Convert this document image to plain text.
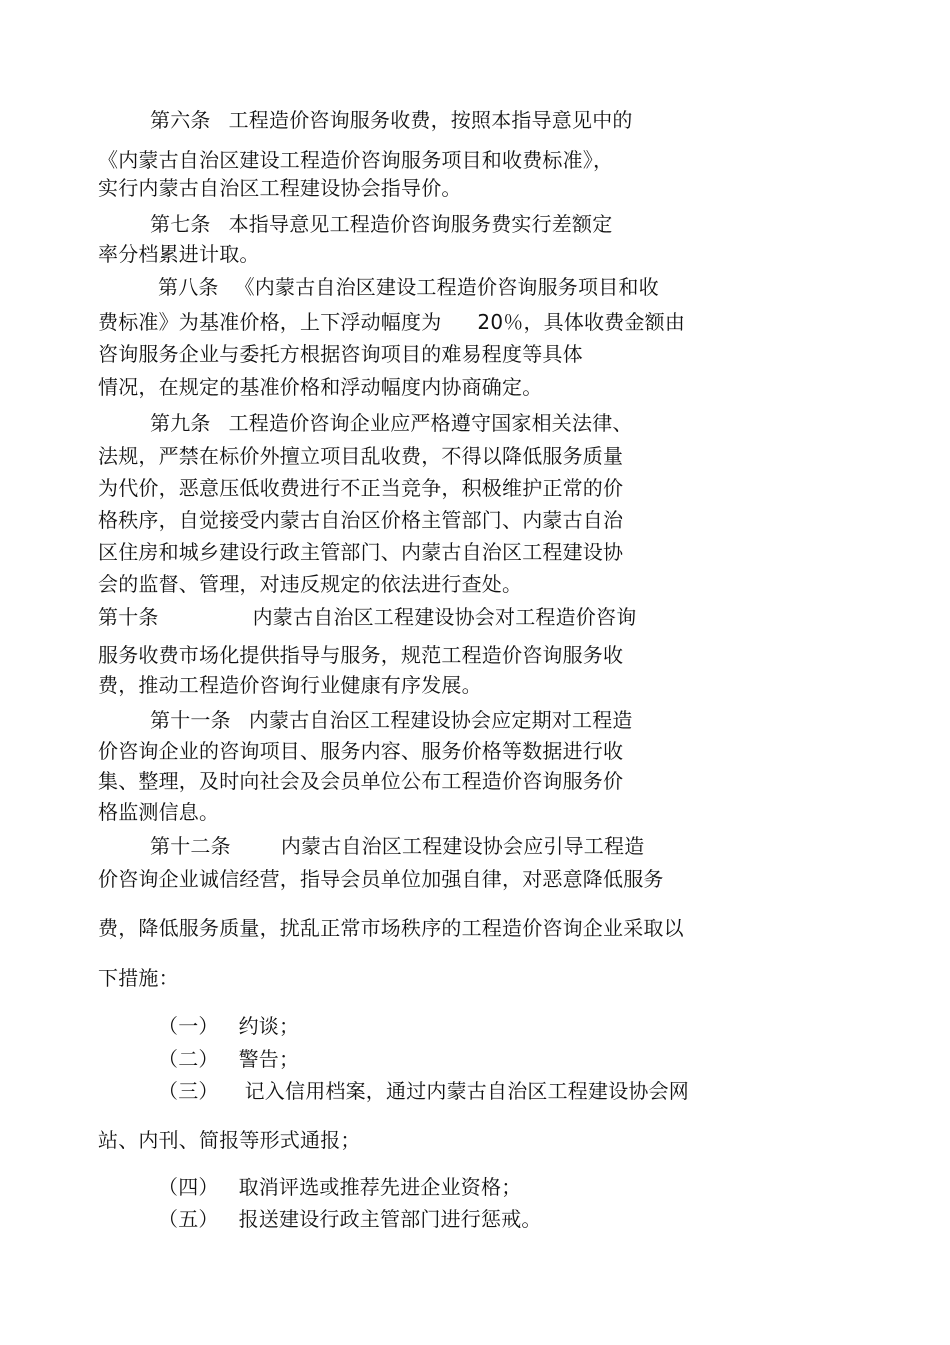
第六条 工程造价咨询服务收费，按照本指导意见中的
《内蒙古自治区建设工程造价咨询服务项目和收费标准》，
实行内蒙古自治区工程建设协会指导价。
第七条 本指导意见工程造价咨询服务费实行差额定
率分档累进计取。
第八条 《内蒙古自治区建设工程造价咨询服务项目和收
费标准》为基准价格，上下浮动幅度为 20％，具体收费金额由
咨询服务企业与委托方根据咨询项目的难易程度等具体
情况，在规定的基准价格和浮动幅度内协商确定。
第九条 工程造价咨询企业应严格遵守国家相关法律、
法规，严禁在标价外擅立项目乱收费，不得以降低服务质量
为代价，恶意压低收费进行不正当竞争，积极维护正常的价
格秩序，自觉接受内蒙古自治区价格主管部门、内蒙古自治
区住房和城乡建设行政主管部门、内蒙古自治区工程建设协
会的监督、管理，对违反规定的依法进行查处。
第十条	内蒙古自治区工程建设协会对工程造价咨询
服务收费市场化提供指导与服务，规范工程造价咨询服务收
费，推动工程造价咨询行业健康有序发展。
第十一条 内蒙古自治区工程建设协会应定期对工程造
价咨询企业的咨询项目、服务内容、服务价格等数据进行收
集、整理，及时向社会及会员单位公布工程造价咨询服务价
格监测信息。
第十二条	内蒙古自治区工程建设协会应引导工程造
价咨询企业诚信经营，指导会员单位加强自律，对恶意降低服务
费，降低服务质量，扰乱正常市场秩序的工程造价咨询企业采取以
下措施：
（一） 约谈；
（二） 警告；
（三） 记入信用档案，通过内蒙古自治区工程建设协会网
站、内刊、简报等形式通报；
（四） 取消评选或推荐先进企业资格；
（五） 报送建设行政主管部门进行惩戒。
